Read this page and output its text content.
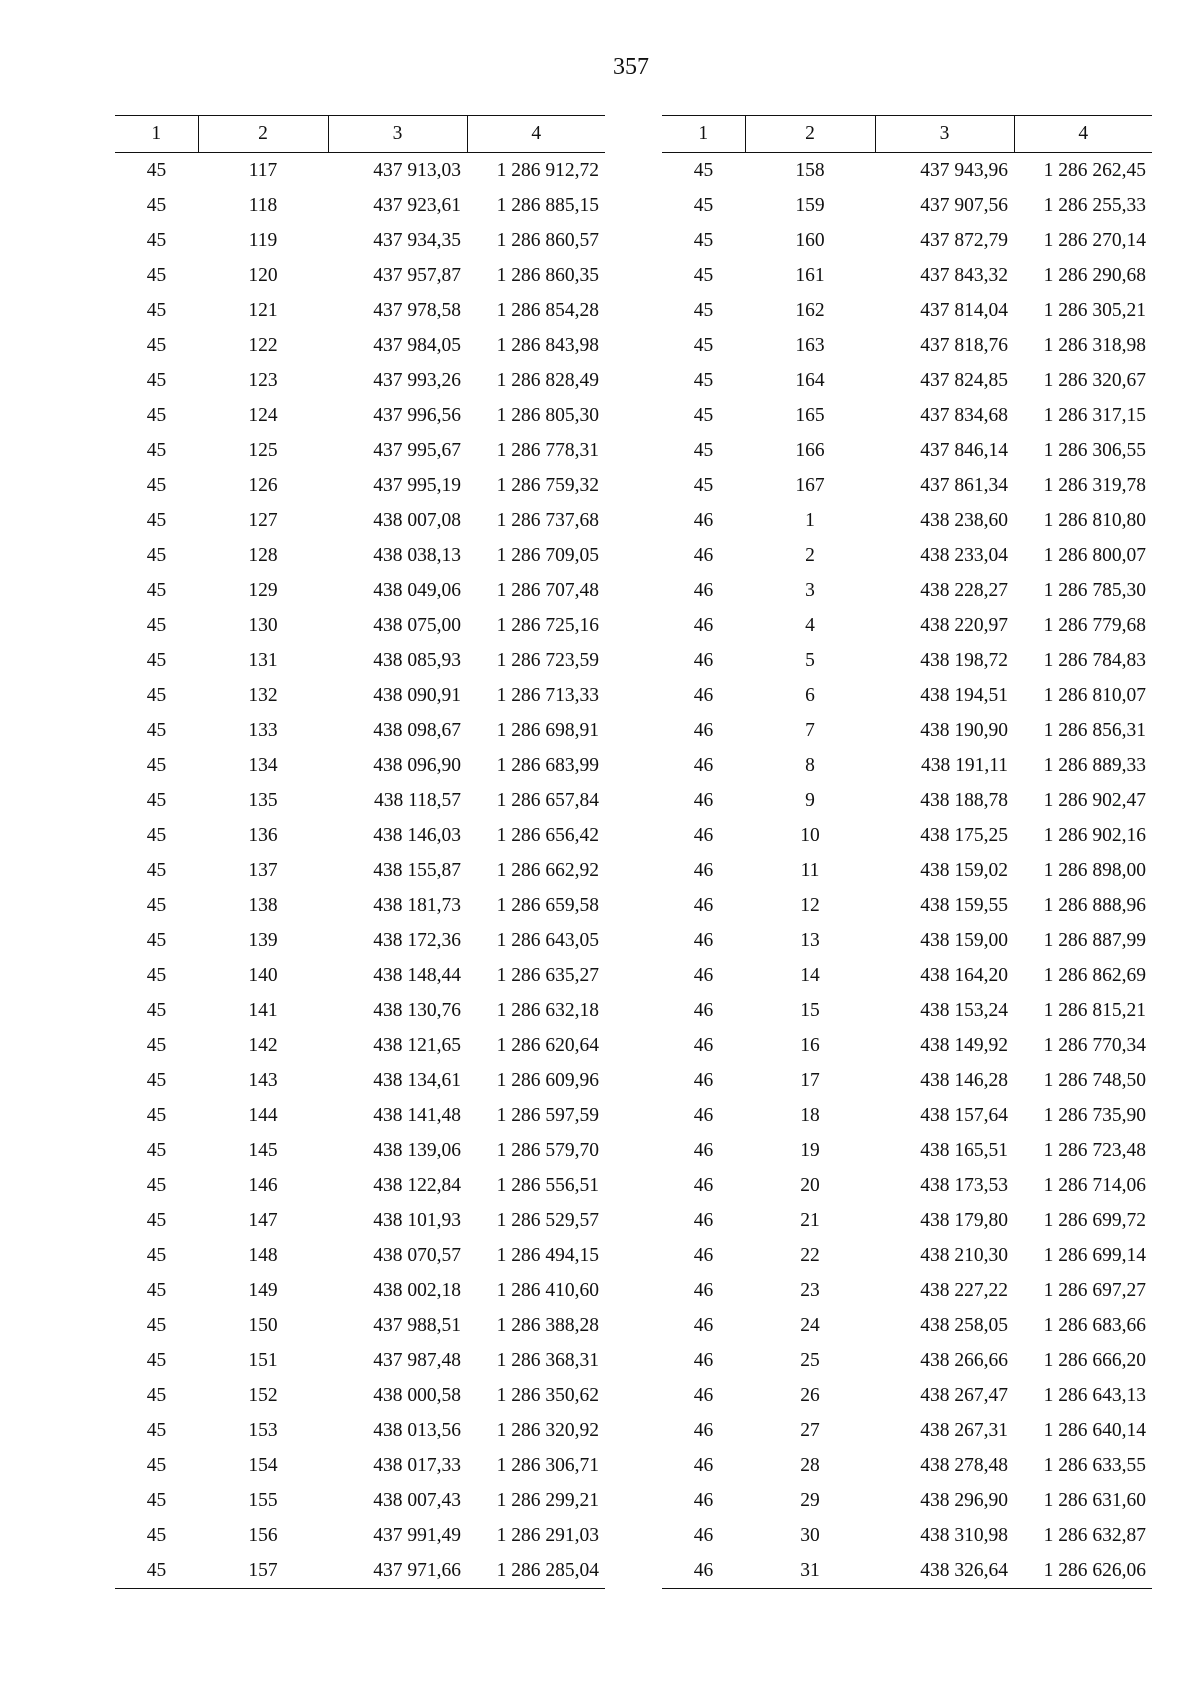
357
1	2	3	4
45	117	437 913,03	1 286 912,72
45	118	437 923,61	1 286 885,15
45	119	437 934,35	1 286 860,57
45	120	437 957,87	1 286 860,35
45	121	437 978,58	1 286 854,28
45	122	437 984,05	1 286 843,98
45	123	437 993,26	1 286 828,49
45	124	437 996,56	1 286 805,30
45	125	437 995,67	1 286 778,31
45	126	437 995,19	1 286 759,32
45	127	438 007,08	1 286 737,68
45	128	438 038,13	1 286 709,05
45	129	438 049,06	1 286 707,48
45	130	438 075,00	1 286 725,16
45	131	438 085,93	1 286 723,59
45	132	438 090,91	1 286 713,33
45	133	438 098,67	1 286 698,91
45	134	438 096,90	1 286 683,99
45	135	438 118,57	1 286 657,84
45	136	438 146,03	1 286 656,42
45	137	438 155,87	1 286 662,92
45	138	438 181,73	1 286 659,58
45	139	438 172,36	1 286 643,05
45	140	438 148,44	1 286 635,27
45	141	438 130,76	1 286 632,18
45	142	438 121,65	1 286 620,64
45	143	438 134,61	1 286 609,96
45	144	438 141,48	1 286 597,59
45	145	438 139,06	1 286 579,70
45	146	438 122,84	1 286 556,51
45	147	438 101,93	1 286 529,57
45	148	438 070,57	1 286 494,15
45	149	438 002,18	1 286 410,60
45	150	437 988,51	1 286 388,28
45	151	437 987,48	1 286 368,31
45	152	438 000,58	1 286 350,62
45	153	438 013,56	1 286 320,92
45	154	438 017,33	1 286 306,71
45	155	438 007,43	1 286 299,21
45	156	437 991,49	1 286 291,03
45	157	437 971,66	1 286 285,04
1	2	3	4
45	158	437 943,96	1 286 262,45
45	159	437 907,56	1 286 255,33
45	160	437 872,79	1 286 270,14
45	161	437 843,32	1 286 290,68
45	162	437 814,04	1 286 305,21
45	163	437 818,76	1 286 318,98
45	164	437 824,85	1 286 320,67
45	165	437 834,68	1 286 317,15
45	166	437 846,14	1 286 306,55
45	167	437 861,34	1 286 319,78
46	1	438 238,60	1 286 810,80
46	2	438 233,04	1 286 800,07
46	3	438 228,27	1 286 785,30
46	4	438 220,97	1 286 779,68
46	5	438 198,72	1 286 784,83
46	6	438 194,51	1 286 810,07
46	7	438 190,90	1 286 856,31
46	8	438 191,11	1 286 889,33
46	9	438 188,78	1 286 902,47
46	10	438 175,25	1 286 902,16
46	11	438 159,02	1 286 898,00
46	12	438 159,55	1 286 888,96
46	13	438 159,00	1 286 887,99
46	14	438 164,20	1 286 862,69
46	15	438 153,24	1 286 815,21
46	16	438 149,92	1 286 770,34
46	17	438 146,28	1 286 748,50
46	18	438 157,64	1 286 735,90
46	19	438 165,51	1 286 723,48
46	20	438 173,53	1 286 714,06
46	21	438 179,80	1 286 699,72
46	22	438 210,30	1 286 699,14
46	23	438 227,22	1 286 697,27
46	24	438 258,05	1 286 683,66
46	25	438 266,66	1 286 666,20
46	26	438 267,47	1 286 643,13
46	27	438 267,31	1 286 640,14
46	28	438 278,48	1 286 633,55
46	29	438 296,90	1 286 631,60
46	30	438 310,98	1 286 632,87
46	31	438 326,64	1 286 626,06
